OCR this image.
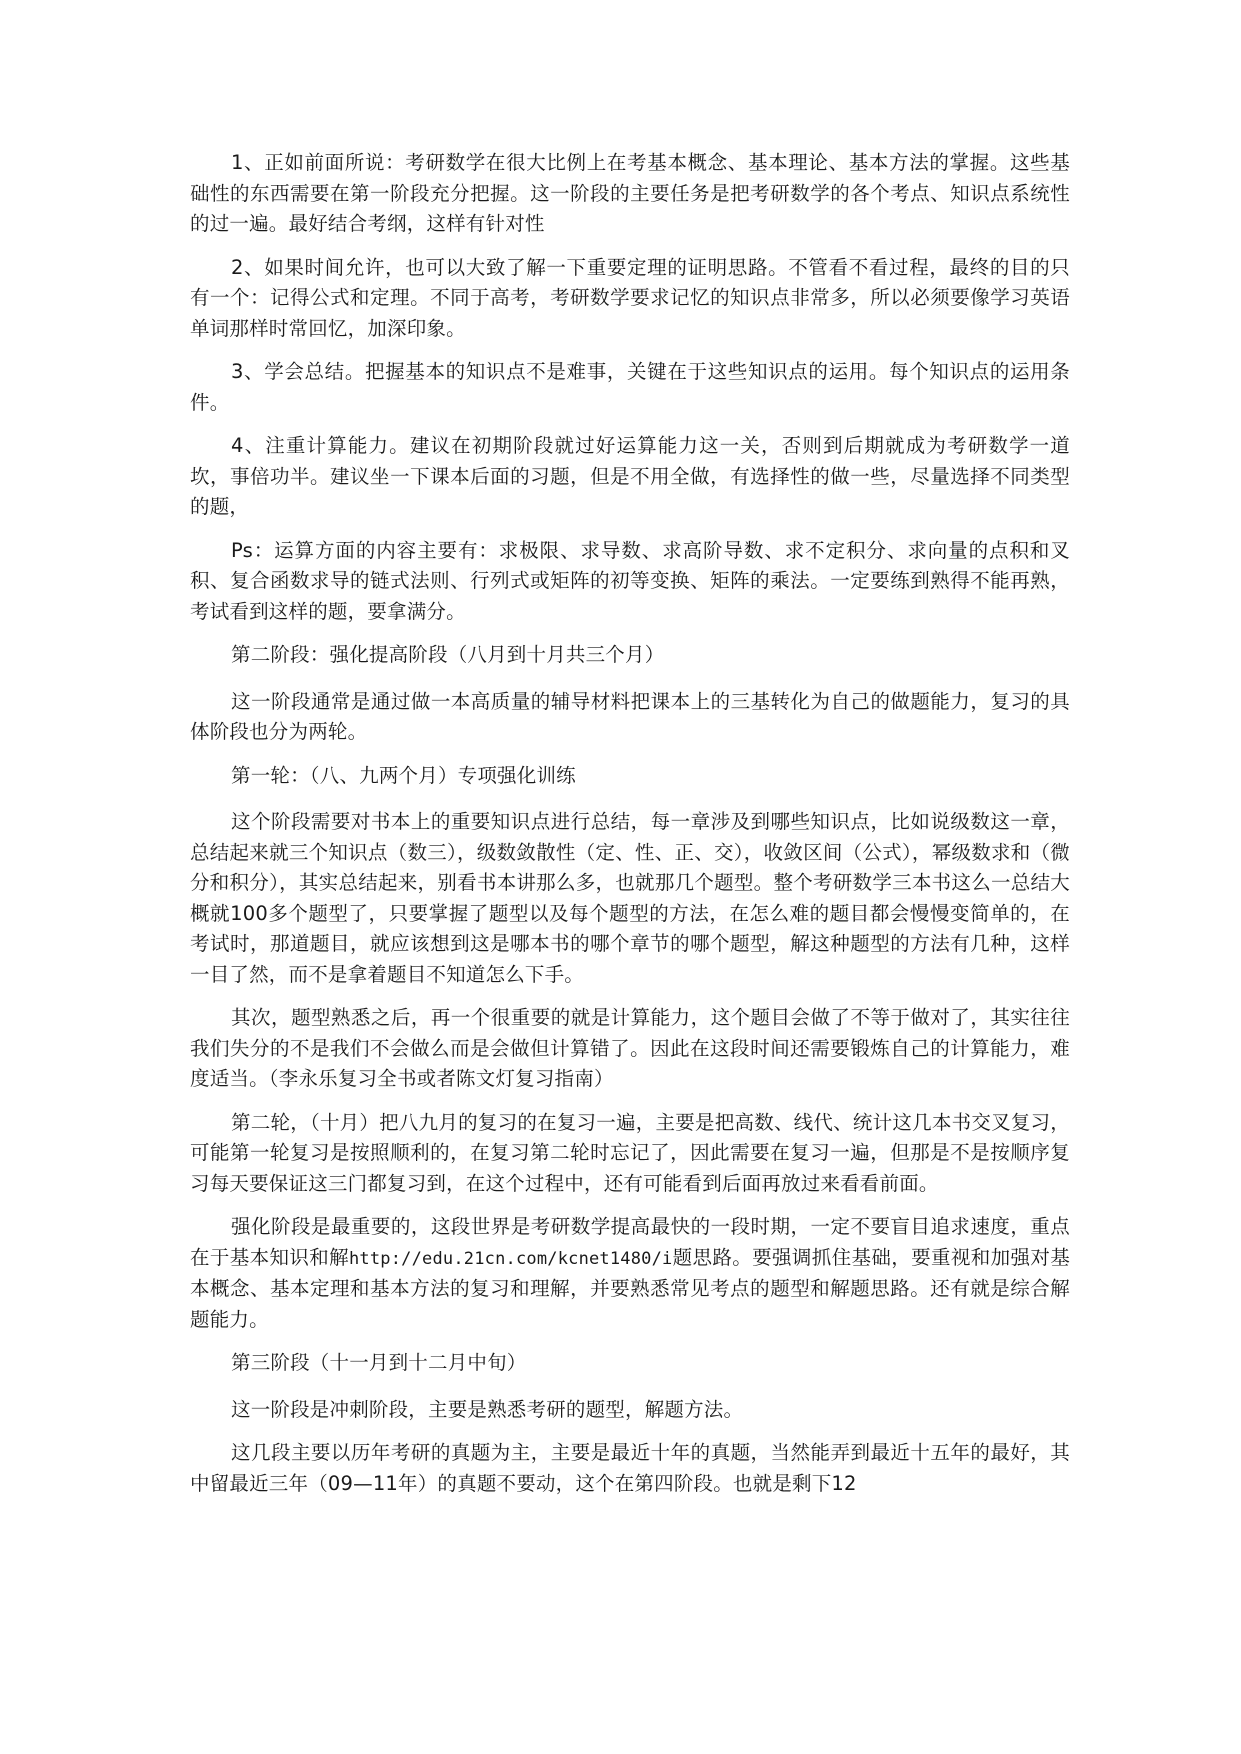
1、正如前面所说：考研数学在很大比例上在考基本概念、基本理论、基本方法的掌握。这些基础性的东西需要在第一阶段充分把握。这一阶段的主要任务是把考研数学的各个考点、知识点系统性的过一遍。最好结合考纲，这样有针对性

2、如果时间允许，也可以大致了解一下重要定理的证明思路。不管看不看过程，最终的目的只有一个：记得公式和定理。不同于高考，考研数学要求记忆的知识点非常多，所以必须要像学习英语单词那样时常回忆，加深印象。

3、学会总结。把握基本的知识点不是难事，关键在于这些知识点的运用。每个知识点的运用条件。

4、注重计算能力。建议在初期阶段就过好运算能力这一关，否则到后期就成为考研数学一道坎，事倍功半。建议坐一下课本后面的习题，但是不用全做，有选择性的做一些，尽量选择不同类型的题，

Ps：运算方面的内容主要有：求极限、求导数、求高阶导数、求不定积分、求向量的点积和叉积、复合函数求导的链式法则、行列式或矩阵的初等变换、矩阵的乘法。一定要练到熟得不能再熟，考试看到这样的题，要拿满分。

第二阶段：强化提高阶段（八月到十月共三个月）

这一阶段通常是通过做一本高质量的辅导材料把课本上的三基转化为自己的做题能力，复习的具体阶段也分为两轮。

第一轮：（八、九两个月）专项强化训练

这个阶段需要对书本上的重要知识点进行总结，每一章涉及到哪些知识点，比如说级数这一章，总结起来就三个知识点（数三），级数敛散性（定、性、正、交），收敛区间（公式），幂级数求和（微分和积分），其实总结起来，别看书本讲那么多，也就那几个题型。整个考研数学三本书这么一总结大概就100多个题型了，只要掌握了题型以及每个题型的方法，在怎么难的题目都会慢慢变简单的，在考试时，那道题目，就应该想到这是哪本书的哪个章节的哪个题型，解这种题型的方法有几种，这样一目了然，而不是拿着题目不知道怎么下手。

其次，题型熟悉之后，再一个很重要的就是计算能力，这个题目会做了不等于做对了，其实往往我们失分的不是我们不会做么而是会做但计算错了。因此在这段时间还需要锻炼自己的计算能力，难度适当。（李永乐复习全书或者陈文灯复习指南）

第二轮，（十月）把八九月的复习的在复习一遍，主要是把高数、线代、统计这几本书交叉复习，可能第一轮复习是按照顺利的，在复习第二轮时忘记了，因此需要在复习一遍，但那是不是按顺序复习每天要保证这三门都复习到，在这个过程中，还有可能看到后面再放过来看看前面。

强化阶段是最重要的，这段世界是考研数学提高最快的一段时期，一定不要盲目追求速度，重点在于基本知识和解http://edu.21cn.com/kcnet1480/i题思路。要强调抓住基础，要重视和加强对基本概念、基本定理和基本方法的复习和理解，并要熟悉常见考点的题型和解题思路。还有就是综合解题能力。

第三阶段（十一月到十二月中旬）

这一阶段是冲刺阶段，主要是熟悉考研的题型，解题方法。

这几段主要以历年考研的真题为主，主要是最近十年的真题，当然能弄到最近十五年的最好，其中留最近三年（09—11年）的真题不要动，这个在第四阶段。也就是剩下12
